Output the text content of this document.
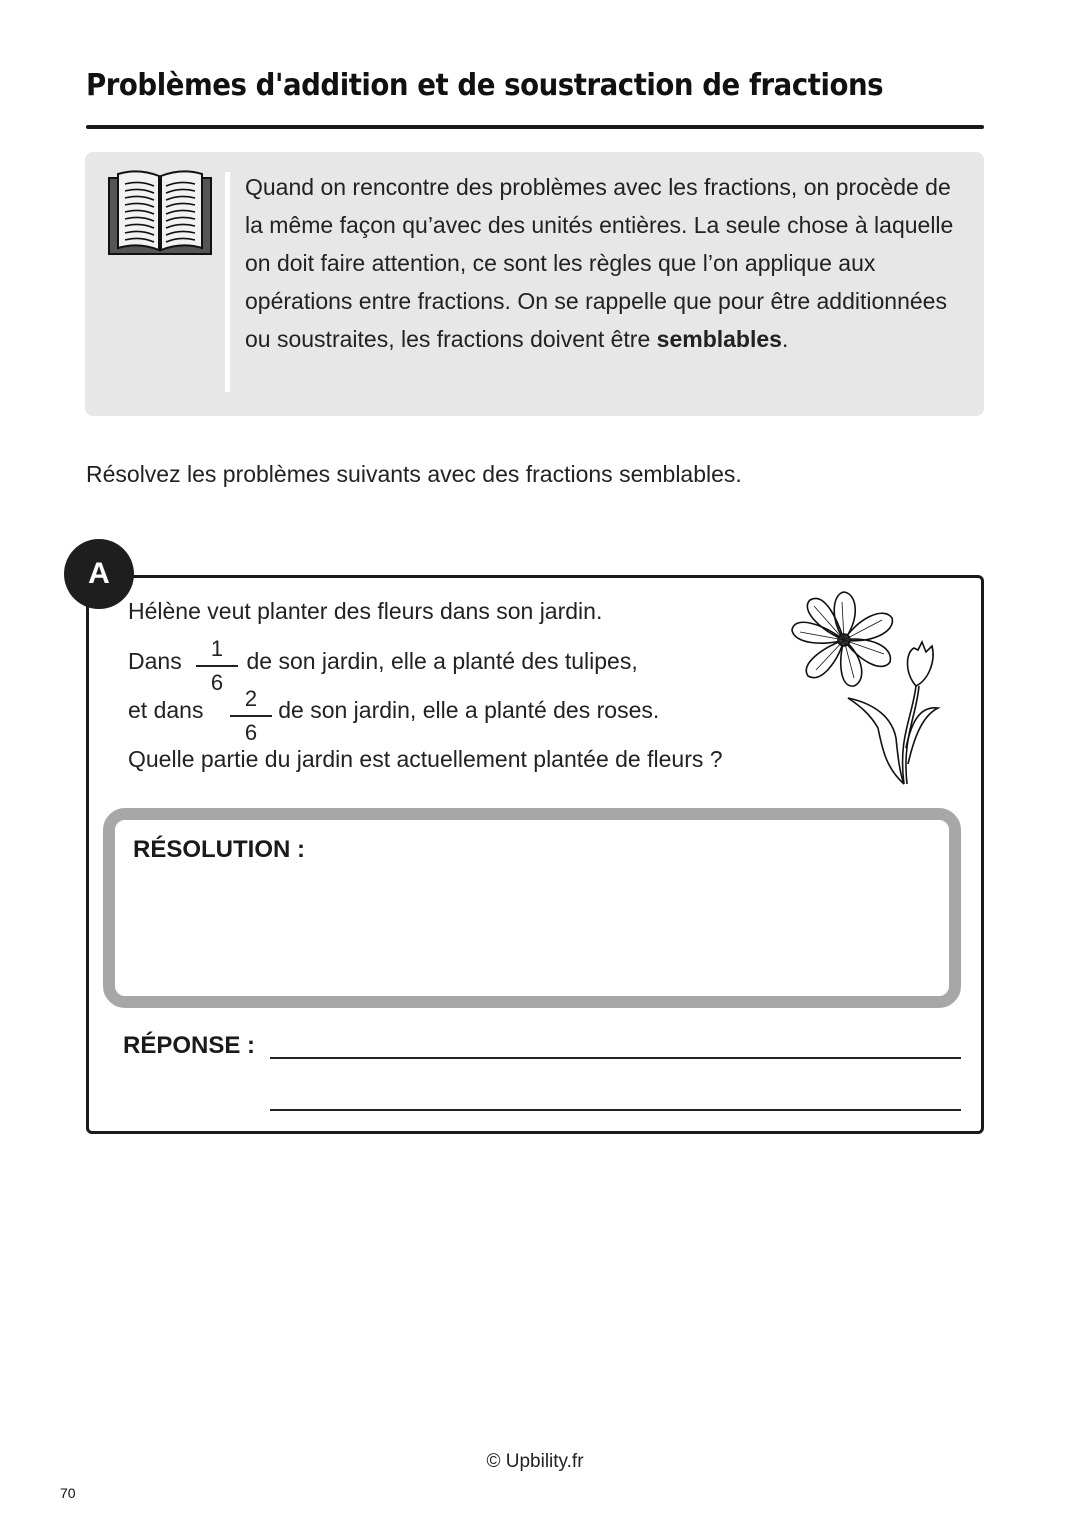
Problèmes d'addition et de soustraction de fractions
Quand on rencontre des problèmes avec les fractions, on procède de la même façon qu’avec des unités entières. La seule chose à laquelle on doit faire attention, ce sont les règles que l’on applique aux opérations entre fractions. On se rappelle que pour être additionnées ou soustraites, les fractions doivent être semblables.
Résolvez les problèmes suivants avec des fractions semblables.
A
Hélène veut planter des fleurs dans son jardin.
Dans	de son jardin, elle a planté des tulipes,
1
6
et dans	de son jardin, elle a planté des roses.
2
6
Quelle partie du jardin est actuellement plantée de fleurs ?
RÉSOLUTION :
RÉPONSE :
© Upbility.fr
70
